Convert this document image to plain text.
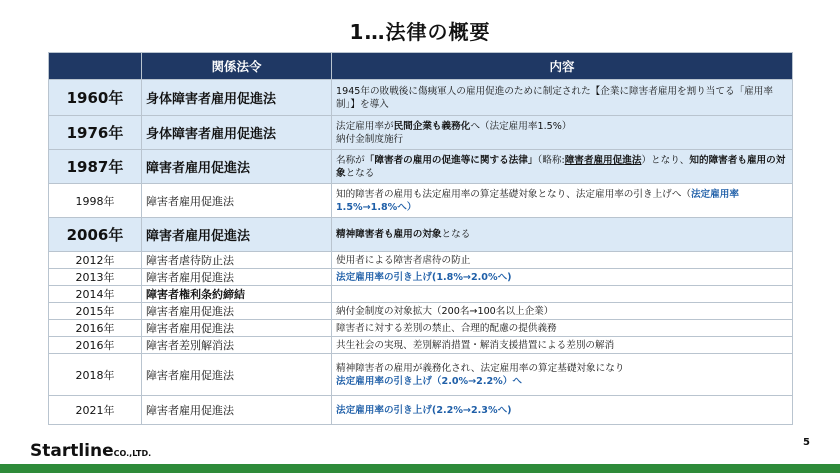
1…法律の概要
	関係法令	内容
1960年	身体障害者雇用促進法	1945年の敗戦後に傷痍軍人の雇用促進のために制定された【企業に障害者雇用を割り当てる「雇用率制」】を導入
1976年	身体障害者雇用促進法	法定雇用率が民間企業も義務化へ（法定雇用率1.5%）
納付金制度施行
1987年	障害者雇用促進法	名称が「障害者の雇用の促進等に関する法律」（略称:障害者雇用促進法）となり、知的障害者も雇用の対象となる
1998年	障害者雇用促進法	知的障害者の雇用も法定雇用率の算定基礎対象となり、法定雇用率の引き上げへ（法定雇用率1.5%→1.8%へ）
2006年	障害者雇用促進法	精神障害者も雇用の対象となる
2012年	障害者虐待防止法	使用者による障害者虐待の防止
2013年	障害者雇用促進法	法定雇用率の引き上げ(1.8%→2.0%へ)
2014年	障害者権利条約締結	
2015年	障害者雇用促進法	納付金制度の対象拡大（200名→100名以上企業）
2016年	障害者雇用促進法	障害者に対する差別の禁止、合理的配慮の提供義務
2016年	障害者差別解消法	共生社会の実現、差別解消措置・解消支援措置による差別の解消
2018年	障害者雇用促進法	精神障害者の雇用が義務化され、法定雇用率の算定基礎対象になり
法定雇用率の引き上げ（2.0%→2.2%）へ
2021年	障害者雇用促進法	法定雇用率の引き上げ(2.2%→2.3%へ)
StartlineCO.,LTD.
5
